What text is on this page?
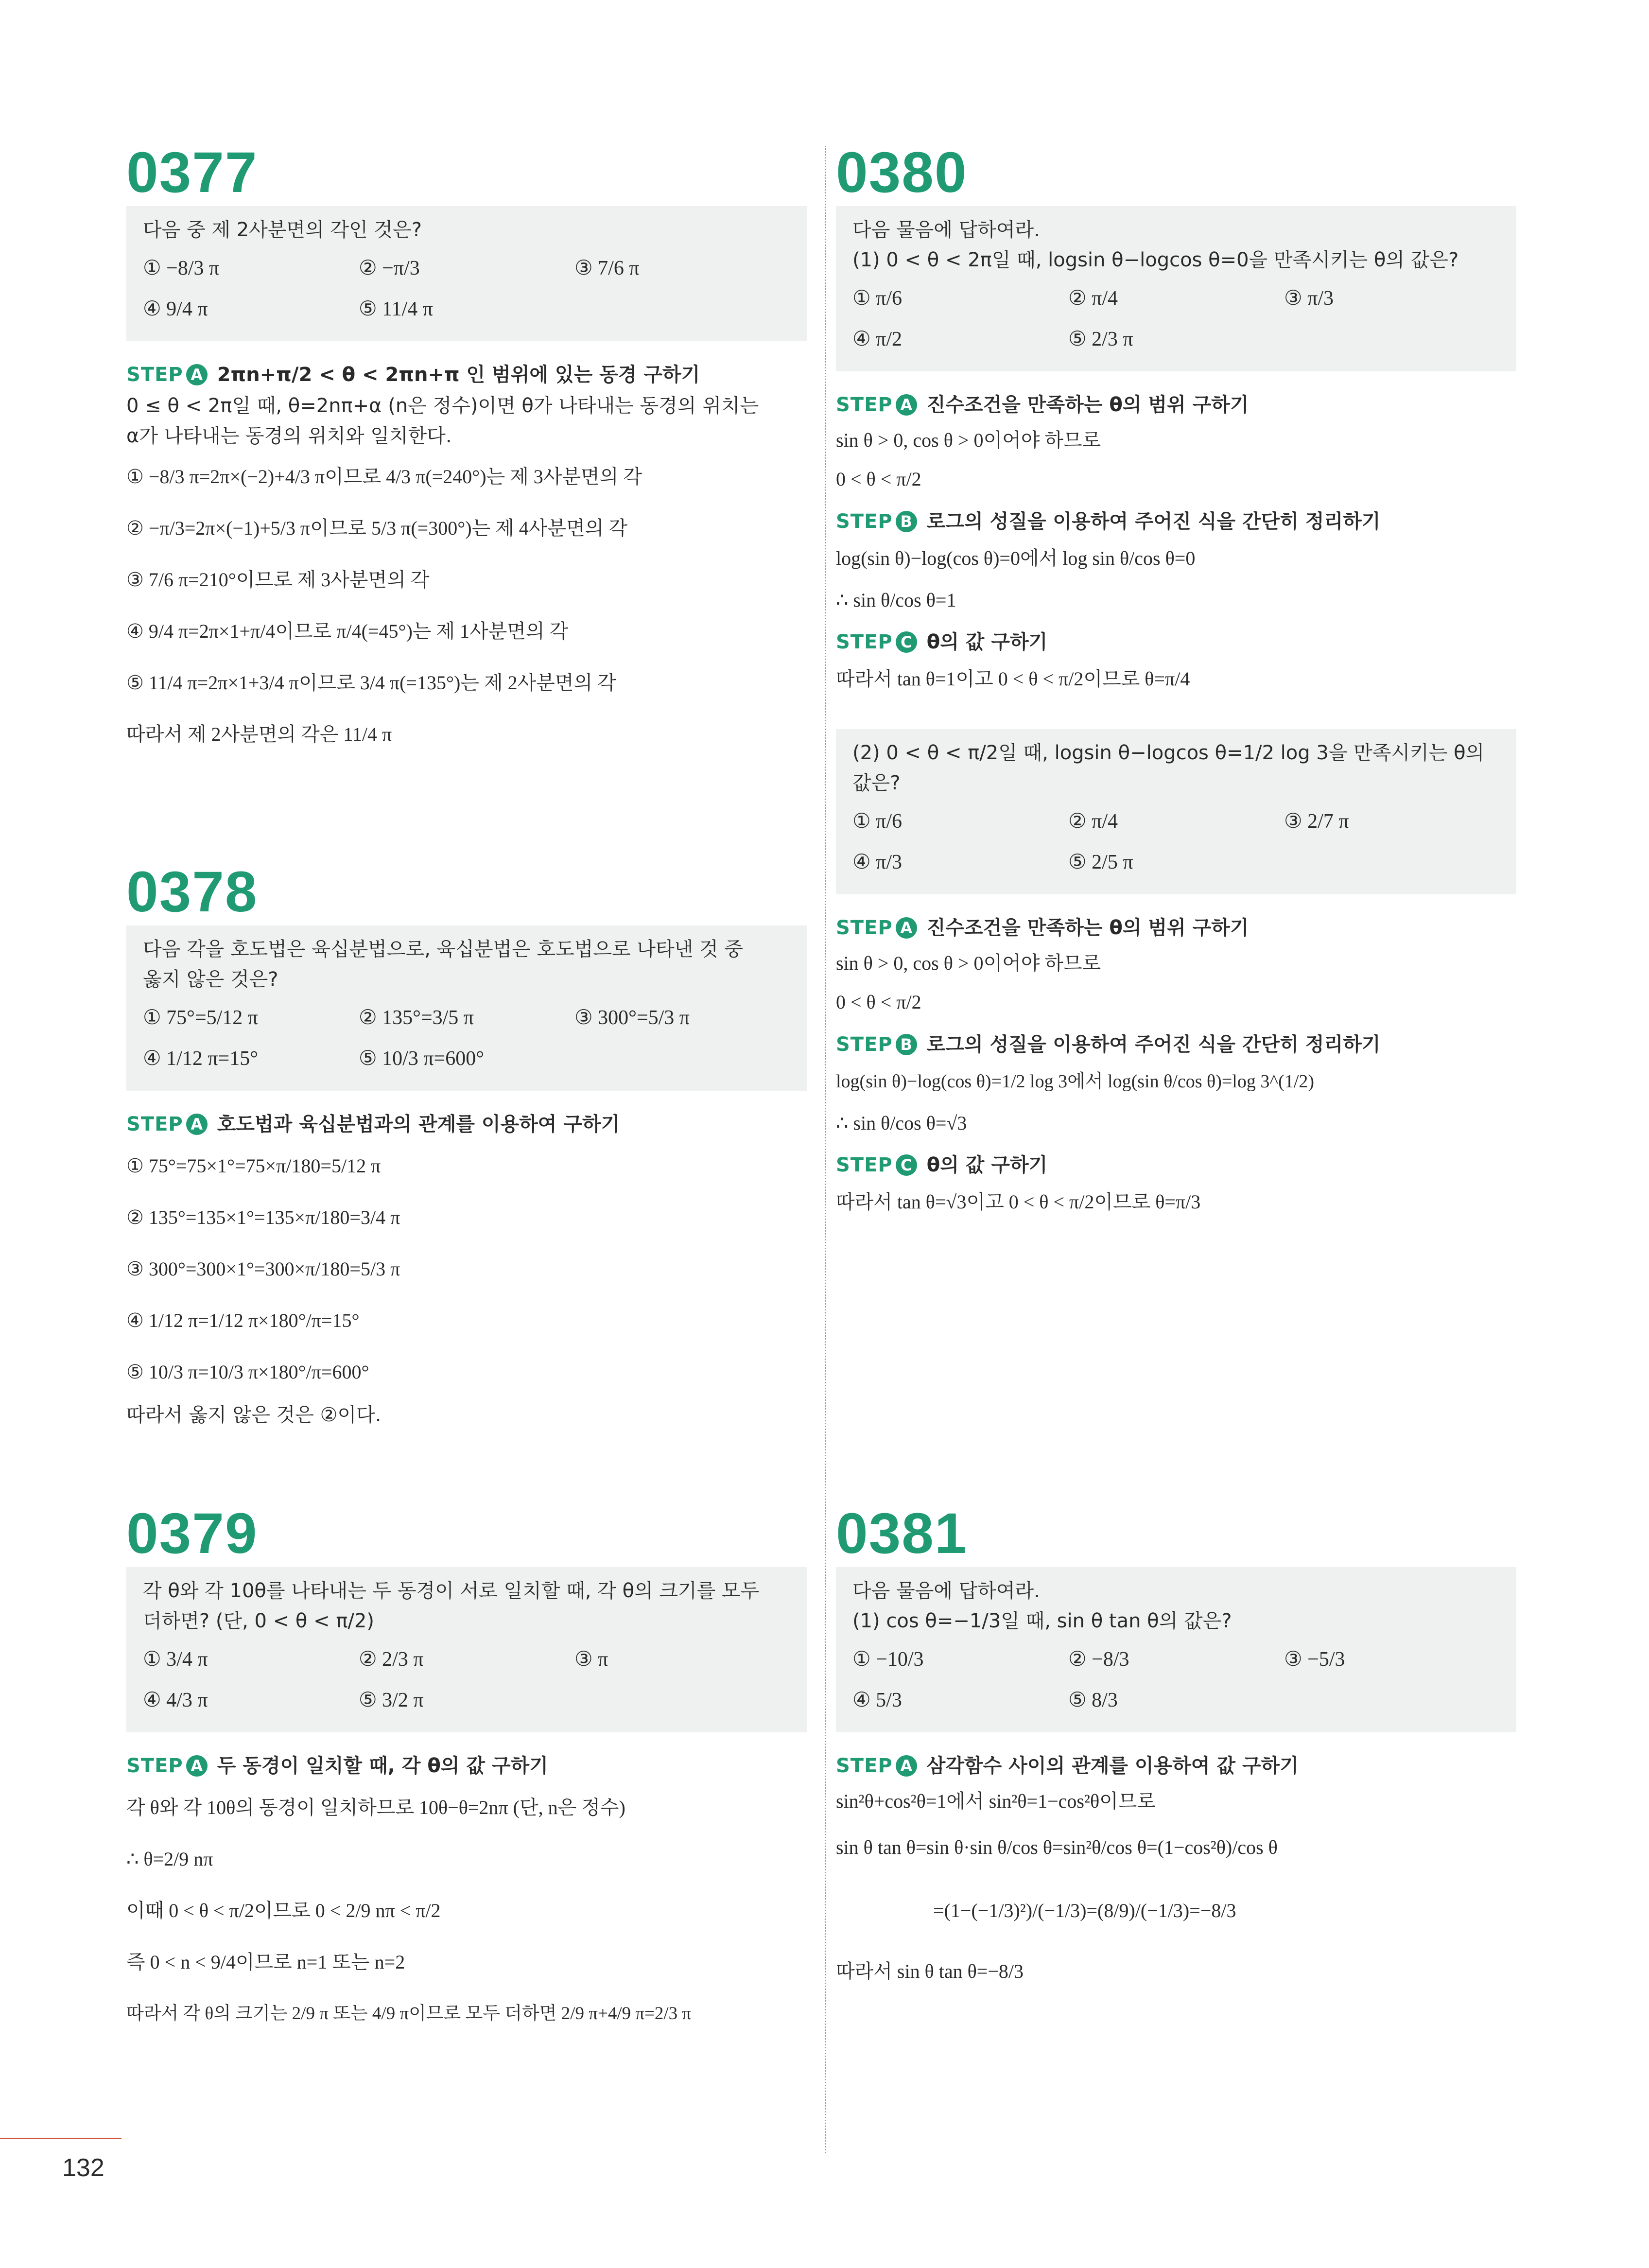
0377
다음 중 제 2사분면의 각인 것은?
① −8/3 π	② −π/3	③ 7/6 π
④ 9/4 π	⑤ 11/4 π
STEP A 2πn+π/2 < θ < 2πn+π 인 범위에 있는 동경 구하기
0 ≤ θ < 2π일 때, θ=2nπ+α (n은 정수)이면 θ가 나타내는 동경의 위치는
α가 나타내는 동경의 위치와 일치한다.
① −8/3 π=2π×(−2)+4/3 π이므로 4/3 π(=240°)는 제 3사분면의 각
② −π/3=2π×(−1)+5/3 π이므로 5/3 π(=300°)는 제 4사분면의 각
③ 7/6 π=210°이므로 제 3사분면의 각
④ 9/4 π=2π×1+π/4이므로 π/4(=45°)는 제 1사분면의 각
⑤ 11/4 π=2π×1+3/4 π이므로 3/4 π(=135°)는 제 2사분면의 각
따라서 제 2사분면의 각은 11/4 π
0378
다음 각을 호도법은 육십분법으로, 육십분법은 호도법으로 나타낸 것 중
옳지 않은 것은?
① 75°=5/12 π	② 135°=3/5 π	③ 300°=5/3 π
④ 1/12 π=15°	⑤ 10/3 π=600°
STEP A 호도법과 육십분법과의 관계를 이용하여 구하기
① 75°=75×1°=75×π/180=5/12 π
② 135°=135×1°=135×π/180=3/4 π
③ 300°=300×1°=300×π/180=5/3 π
④ 1/12 π=1/12 π×180°/π=15°
⑤ 10/3 π=10/3 π×180°/π=600°
따라서 옳지 않은 것은 ②이다.
0379
각 θ와 각 10θ를 나타내는 두 동경이 서로 일치할 때, 각 θ의 크기를 모두
더하면? (단, 0 < θ < π/2)
① 3/4 π	② 2/3 π	③ π
④ 4/3 π	⑤ 3/2 π
STEP A 두 동경이 일치할 때, 각 θ의 값 구하기
각 θ와 각 10θ의 동경이 일치하므로 10θ−θ=2nπ (단, n은 정수)
∴ θ=2/9 nπ
이때 0 < θ < π/2이므로 0 < 2/9 nπ < π/2
즉 0 < n < 9/4이므로 n=1 또는 n=2
따라서 각 θ의 크기는 2/9 π 또는 4/9 π이므로 모두 더하면 2/9 π+4/9 π=2/3 π
0380
다음 물음에 답하여라.
(1) 0 < θ < 2π일 때, logsin θ−logcos θ=0을 만족시키는 θ의 값은?
① π/6	② π/4	③ π/3
④ π/2	⑤ 2/3 π
STEP A 진수조건을 만족하는 θ의 범위 구하기
sin θ > 0, cos θ > 0이어야 하므로
0 < θ < π/2
STEP B 로그의 성질을 이용하여 주어진 식을 간단히 정리하기
log(sin θ)−log(cos θ)=0에서 log sin θ/cos θ=0
∴ sin θ/cos θ=1
STEP C θ의 값 구하기
따라서 tan θ=1이고 0 < θ < π/2이므로 θ=π/4
(2) 0 < θ < π/2일 때, logsin θ−logcos θ=1/2 log 3을 만족시키는 θ의
값은?
① π/6	② π/4	③ 2/7 π
④ π/3	⑤ 2/5 π
STEP A 진수조건을 만족하는 θ의 범위 구하기
sin θ > 0, cos θ > 0이어야 하므로
0 < θ < π/2
STEP B 로그의 성질을 이용하여 주어진 식을 간단히 정리하기
log(sin θ)−log(cos θ)=1/2 log 3에서 log(sin θ/cos θ)=log 3^(1/2)
∴ sin θ/cos θ=√3
STEP C θ의 값 구하기
따라서 tan θ=√3이고 0 < θ < π/2이므로 θ=π/3
0381
다음 물음에 답하여라.
(1) cos θ=−1/3일 때, sin θ tan θ의 값은?
① −10/3	② −8/3	③ −5/3
④ 5/3	⑤ 8/3
STEP A 삼각함수 사이의 관계를 이용하여 값 구하기
sin²θ+cos²θ=1에서 sin²θ=1−cos²θ이므로
sin θ tan θ=sin θ·sin θ/cos θ=sin²θ/cos θ=(1−cos²θ)/cos θ
=(1−(−1/3)²)/(−1/3)=(8/9)/(−1/3)=−8/3
따라서 sin θ tan θ=−8/3
132
